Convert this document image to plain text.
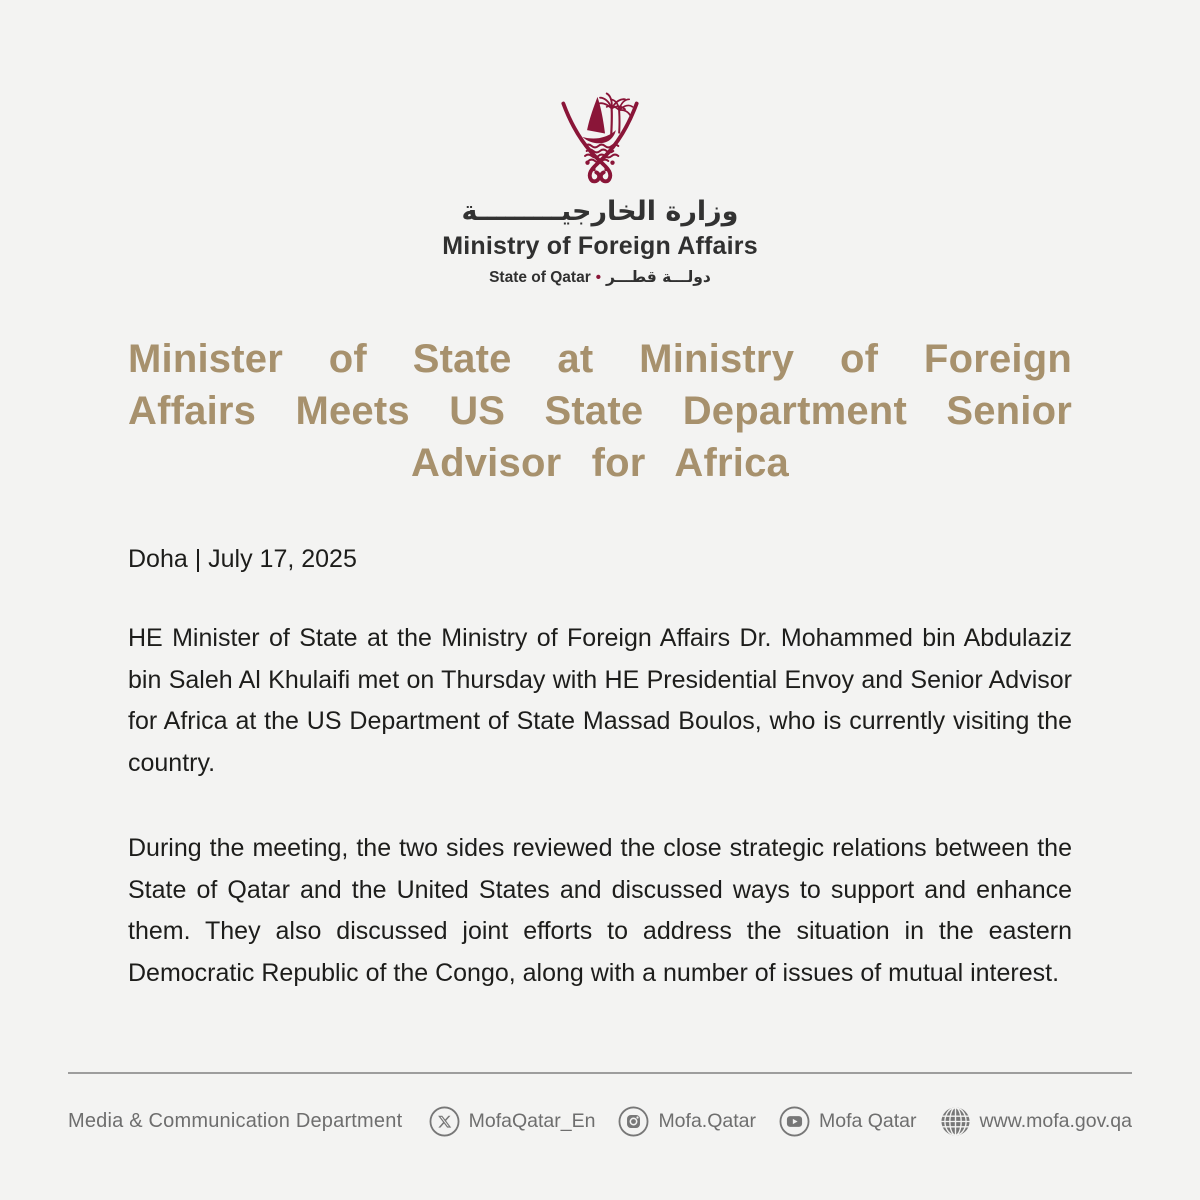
وزارة الخارجيـــــــــة
Ministry of Foreign Affairs
State of Qatar • دولـــة قطـــر
Minister of State at Ministry of Foreign Affairs Meets US State Department Senior Advisor for Africa
Doha | July 17, 2025

HE Minister of State at the Ministry of Foreign Affairs Dr. Mohammed bin Abdulaziz bin Saleh Al Khulaifi met on Thursday with HE Presidential Envoy and Senior Advisor for Africa at the US Department of State Massad Boulos, who is currently visiting the country.

During the meeting, the two sides reviewed the close strategic relations between the State of Qatar and the United States and discussed ways to support and enhance them. They also discussed joint efforts to address the situation in the eastern Democratic Republic of the Congo, along with a number of issues of mutual interest.

Media & Communication Department	MofaQatar_En	Mofa.Qatar	Mofa Qatar	www.mofa.gov.qa
